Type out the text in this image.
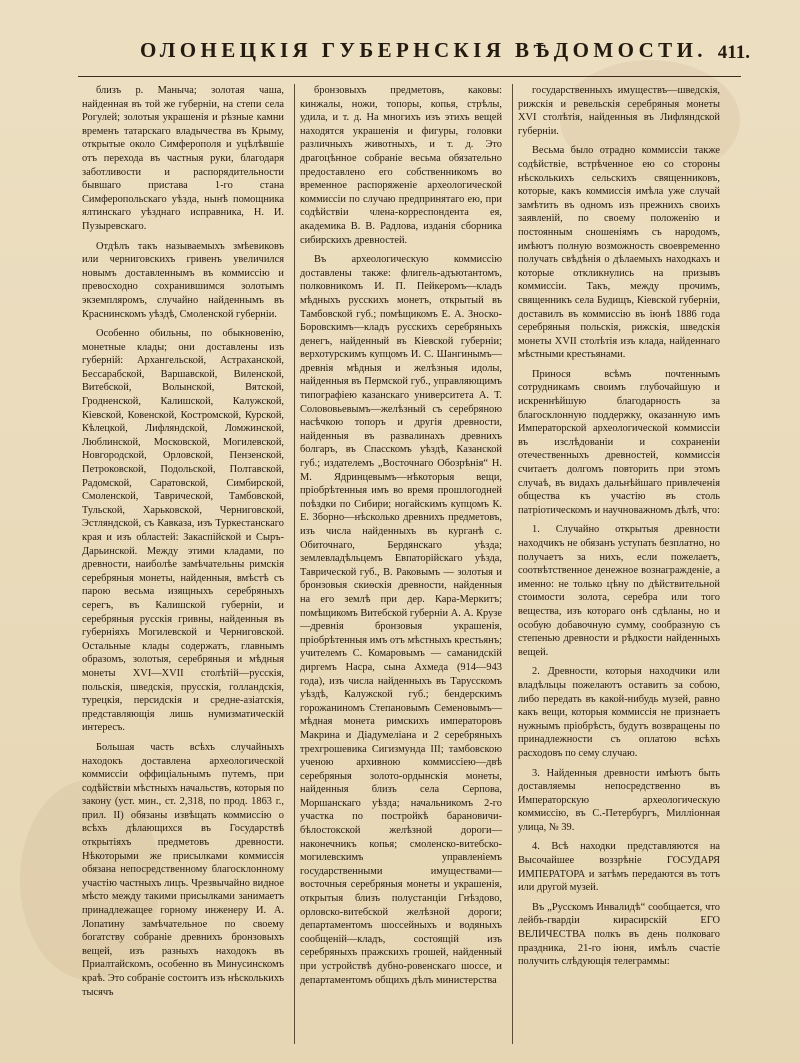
ОЛОНЕЦКІЯ ГУБЕРНСКІЯ ВѢДОМОСТИ. 411.

близъ р. Маныча; золотая чаша, найденная въ той же губерніи, на степи села Рогулей; золотыя украшенія и рѣзные камни временъ татарскаго владычества въ Крыму, открытые около Симферополя и уцѣлѣвшіе отъ перехода въ частныя руки, благодаря заботливости и распорядительности бывшаго пристава 1-го стана Симферопольскаго уѣзда, нынѣ помощника ялтинскаго уѣзднаго исправника, Н. И. Пузыревскаго.

Отдѣлъ такъ называемыхъ змѣевиковъ или черниговскихъ гривенъ увеличился новымъ доставленнымъ въ коммиссію и превосходно сохранившимся золотымъ экземпляромъ, случайно найденнымъ въ Краснинскомъ уѣздѣ, Смоленской губерніи.

Особенно обильны, по обыкновенію, монетные клады; они доставлены изъ губерній: Архангельской, Астраханской, Бессарабской, Варшавской, Виленской, Витебской, Волынской, Вятской, Гродненской, Калишской, Калужской, Кіевской, Ковенской, Костромской, Курской, Кѣлецкой, Лифляндской, Ломжинской, Люблинской, Московской, Могилевской, Новгородской, Орловской, Пензенской, Петроковской, Подольской, Полтавской, Радомской, Саратовской, Симбирской, Смоленской, Таврической, Тамбовской, Тульской, Харьковской, Черниговской, Эстляндской, съ Кавказа, изъ Туркестанскаго края и изъ областей: Закаспійской и Сыръ-Дарьинской. Между этими кладами, по древности, наиболѣе замѣчательны римскія серебряныя монеты, найденныя, вмѣстѣ съ парою весьма изящныхъ серебряныхъ серегъ, въ Калишской губерніи, и серебряныя русскія гривны, найденныя въ губерніяхъ Могилевской и Черниговской. Остальные клады содержатъ, главнымъ образомъ, золотыя, серебряныя и мѣдныя монеты XVI—XVII столѣтій—русскія, польскія, шведскія, прусскія, голландскія, турецкія, персидскія и средне-азіатскія, представляющія лишь нумизматическій интересъ.

Большая часть всѣхъ случайныхъ находокъ доставлена археологической коммиссіи оффиціальнымъ путемъ, при содѣйствіи мѣстныхъ начальствъ, которыя по закону (уст. мин., ст. 2,318, по прод. 1863 г., прил. II) обязаны извѣщать коммиссію о всѣхъ дѣлающихся въ Государствѣ открытіяхъ предметовъ древности. Нѣкоторыми же присылками коммиссія обязана непосредственному благосклонному участію частныхъ лицъ. Чрезвычайно видное мѣсто между такими присылками занимаетъ принадлежащее горному инженеру И. А. Лопатину замѣчательное по своему богатству собраніе древнихъ бронзовыхъ вещей, изъ разныхъ находокъ въ Приалтайскомъ, особенно въ Минусинскомъ краѣ. Это собраніе состоитъ изъ нѣсколькихъ тысячъ

бронзовыхъ предметовъ, каковы: кинжалы, ножи, топоры, копья, стрѣлы, удила, и т. д. На многихъ изъ этихъ вещей находятся украшенія и фигуры, головки различныхъ животныхъ, и т. д. Это драгоцѣнное собраніе весьма обязательно предоставлено его собственникомъ во временное распоряженіе археологической коммиссіи по случаю предпринятаго ею, при содѣйствіи члена-корреспондента ея, академика В. В. Радлова, изданія сборника сибирскихъ древностей.

Въ археологическую коммиссію доставлены также: флигель-адъютантомъ, полковникомъ И. П. Пейкеромъ—кладъ мѣдныхъ русскихъ монетъ, открытый въ Тамбовской губ.; помѣщикомъ Е. А. Зноско-Боровскимъ—кладъ русскихъ серебряныхъ денегъ, найденный въ Кіевской губерніи; верхотурскимъ купцомъ И. С. Шангинымъ—древнія мѣдныя и желѣзныя идолы, найденныя въ Пермской губ., управляющимъ типографіею казанскаго университета А. Т. Солововьевымъ—желѣзный съ серебряною насѣчкою топоръ и другія древности, найденныя въ развалинахъ древнихъ болгаръ, въ Спасскомъ уѣздѣ, Казанской губ.; издателемъ „Восточнаго Обозрѣнія“ Н. М. Ядринцевымъ—нѣкоторыя вещи, пріобрѣтенныя имъ во время прошлогодней поѣздки по Сибири; ногайскимъ купцомъ К. Е. Зборно—нѣсколько древнихъ предметовъ, изъ числа найденныхъ въ курганѣ с. Обиточнаго, Бердянскаго уѣзда; землевладѣльцемъ Евпаторійскаго уѣзда, Таврической губ., В. Раковымъ — золотыя и бронзовыя скиѳскія древности, найденныя на его землѣ при дер. Кара-Меркитъ; помѣщикомъ Витебской губерніи А. А. Крузе—древнія бронзовыя украшенія, пріобрѣтенныя имъ отъ мѣстныхъ крестьянъ; учителемъ С. Комаровымъ — саманидскій диргемъ Насра, сына Ахмеда (914—943 года), изъ числа найденныхъ въ Тарусскомъ уѣздѣ, Калужской губ.; бендерскимъ горожаниномъ Степановымъ Семеновымъ—мѣдная монета римскихъ императоровъ Макрина и Діадумеліана и 2 серебряныхъ трехгрошевика Сигизмунда III; тамбовскою ученою архивною коммиссіею—двѣ серебряныя золото-ордынскія монеты, найденныя близъ села Серпова, Моршанскаго уѣзда; начальникомъ 2-го участка по постройкѣ барановичи-бѣлостокской желѣзной дороги—наконечникъ копья; смоленско-витебско-могилевскимъ управленіемъ государственными имуществами—восточныя серебряныя монеты и украшенія, открытыя близъ полустанціи Гнѣздово, орловско-витебской желѣзной дороги; департаментомъ шоссейныхъ и водяныхъ сообщеній—кладъ, состоящій изъ серебряныхъ пражскихъ грошей, найденный при устройствѣ дубно-ровенскаго шоссе, и департаментомъ общихъ дѣлъ министерства

государственныхъ имуществъ—шведскія, рижскія и ревельскія серебряныя монеты XVI столѣтія, найденныя въ Лифляндской губерніи.

Весьма было отрадно коммиссіи также содѣйствіе, встрѣченное ею со стороны нѣсколькихъ сельскихъ священниковъ, которые, какъ коммиссія имѣла уже случай замѣтить въ одномъ изъ прежнихъ своихъ заявленій, по своему положенію и постоянным сношеніямъ съ народомъ, имѣютъ полную возможность своевременно получать свѣдѣнія о дѣлаемыхъ находкахъ и которые откликнулись на призывъ коммиссіи. Такъ, между прочимъ, священникъ села Будищъ, Кіевской губерніи, доставилъ въ коммиссію въ іюнѣ 1886 года серебряныя польскія, рижскія, шведскія монеты XVII столѣтія изъ клада, найденнаго мѣстными крестьянами.

Принося всѣмъ почтеннымъ сотрудникамъ своимъ глубочайшую и искреннѣйшую благодарность за благосклонную поддержку, оказанную имъ Императорской археологической коммиссіи въ изслѣдованіи и сохраненіи отечественныхъ древностей, коммиссія считаетъ долгомъ повторить при этомъ случаѣ, въ видахъ дальнѣйшаго привлеченія общества къ участію въ столь патріотическомъ и научноважномъ дѣлѣ, что:

1. Случайно открытыя древности находчикъ не обязанъ уступать безплатно, но получаетъ за нихъ, если пожелаетъ, соотвѣтственное денежное вознагражденіе, а именно: не только цѣну по дѣйствительной стоимости золота, серебра или того вещества, изъ котораго онѣ сдѣланы, но и особую добавочную сумму, сообразную съ степенью древности и рѣдкости найденныхъ вещей.

2. Древности, которыя находчики или владѣльцы пожелаютъ оставить за собою, либо передать въ какой-нибудь музей, равно какъ вещи, которыя коммиссія не признаетъ нужнымъ пріобрѣсть, будутъ возвращены по принадлежности съ оплатою всѣхъ расходовъ по сему случаю.

3. Найденныя древности имѣютъ быть доставляемы непосредственно въ Императорскую археологическую коммиссію, въ С.-Петербургъ, Милліонная улица, № 39.

4. Всѣ находки представляются на Высочайшее воззрѣніе ГОСУДАРЯ ИМПЕРАТОРА и затѣмъ передаются въ тотъ или другой музей.

Въ „Русскомъ Инвалидѣ“ сообщается, что лейбъ-гвардіи кирасирскій ЕГО ВЕЛИЧЕСТВА полкъ въ день полковаго праздника, 21-го іюня, имѣлъ счастіе получить слѣдующія телеграммы:
